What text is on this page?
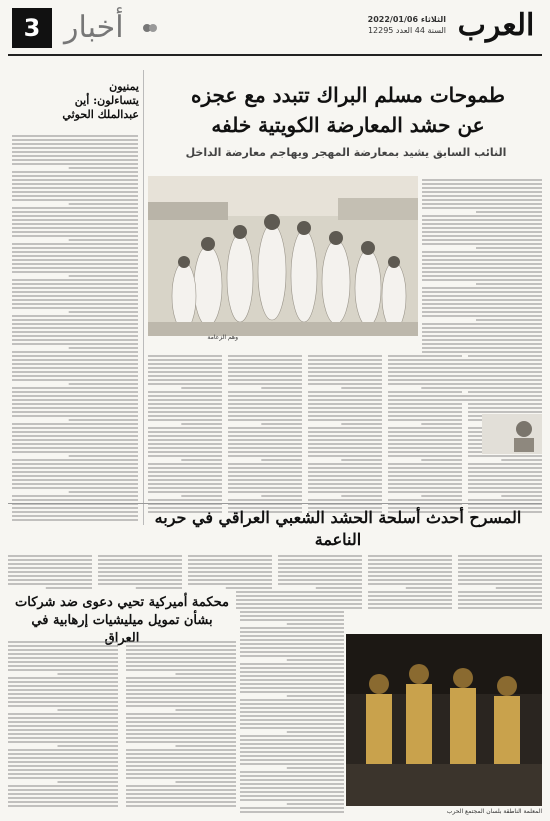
العرب
الثلاثاء 2022/01/06
السنة 44 العدد 12295
أخبار
3
يمنيون
يتساءلون: أين
عبدالملك الحوثي
طموحات مسلم البراك تتبدد مع عجزه
عن حشد المعارضة الكويتية خلفه
النائب السابق يشيد بمعارضة المهجر ويهاجم معارضة الداخل
وهم الزعامة
المسرح أحدث أسلحة الحشد الشعبي العراقي في حربه الناعمة
محكمة أميركية تحيي دعوى ضد شركات
بشأن تمويل ميليشيات إرهابية في العراق
المعلمة الناطقة بلسان المجتمع الحرب
